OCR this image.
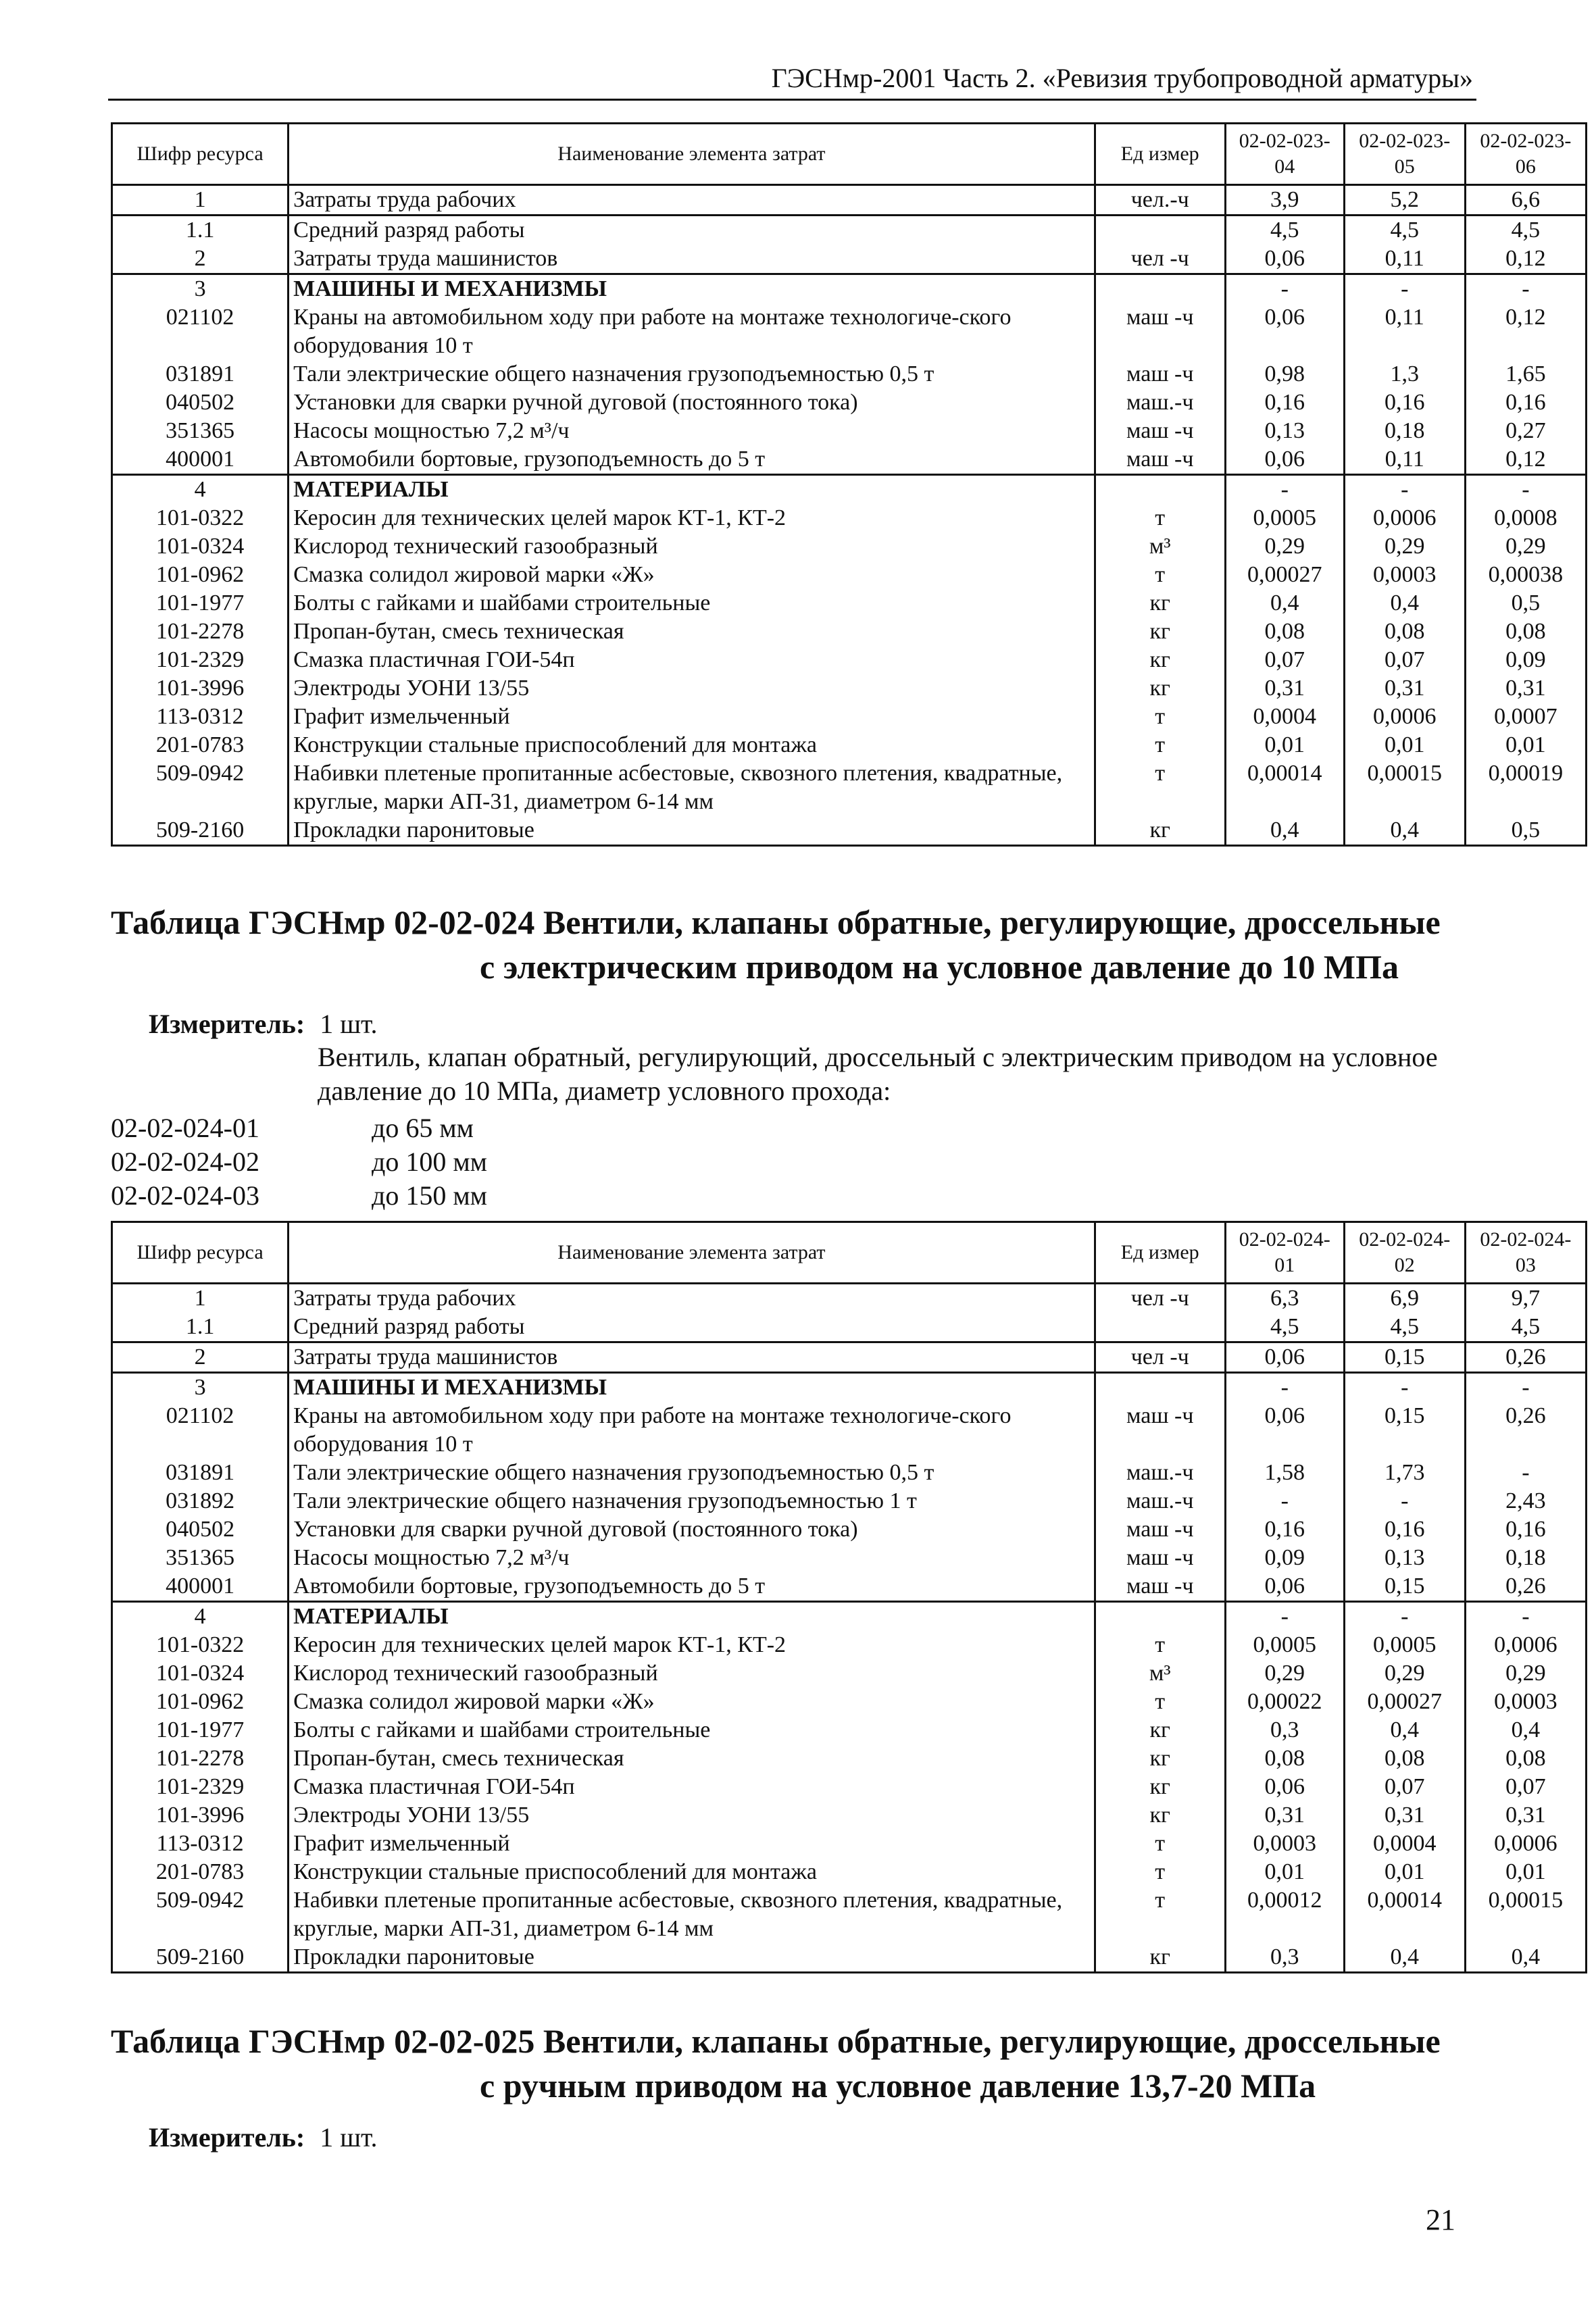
ГЭСНмр-2001 Часть 2. «Ревизия трубопроводной арматуры»
Шифр ресурса	Наименование элемента затрат	Ед измер	02-02-023-04	02-02-023-05	02-02-023-06
1	Затраты труда рабочих	чел.-ч	3,9	5,2	6,6
1.1	Средний разряд работы		4,5	4,5	4,5
2	Затраты труда машинистов	чел -ч	0,06	0,11	0,12
3	МАШИНЫ И МЕХАНИЗМЫ		-	-	-
021102	Краны на автомобильном ходу при работе на монтаже технологиче-ского оборудования 10 т	маш -ч	0,06	0,11	0,12
031891	Тали электрические общего назначения грузоподъемностью 0,5 т	маш -ч	0,98	1,3	1,65
040502	Установки для сварки ручной дуговой (постоянного тока)	маш.-ч	0,16	0,16	0,16
351365	Насосы мощностью 7,2 м³/ч	маш -ч	0,13	0,18	0,27
400001	Автомобили бортовые, грузоподъемность до 5 т	маш -ч	0,06	0,11	0,12
4	МАТЕРИАЛЫ		-	-	-
101-0322	Керосин для технических целей марок КТ-1, КТ-2	т	0,0005	0,0006	0,0008
101-0324	Кислород технический газообразный	м³	0,29	0,29	0,29
101-0962	Смазка солидол жировой марки «Ж»	т	0,00027	0,0003	0,00038
101-1977	Болты с гайками и шайбами строительные	кг	0,4	0,4	0,5
101-2278	Пропан-бутан, смесь техническая	кг	0,08	0,08	0,08
101-2329	Смазка пластичная ГОИ-54п	кг	0,07	0,07	0,09
101-3996	Электроды УОНИ 13/55	кг	0,31	0,31	0,31
113-0312	Графит измельченный	т	0,0004	0,0006	0,0007
201-0783	Конструкции стальные приспособлений для монтажа	т	0,01	0,01	0,01
509-0942	Набивки плетеные пропитанные асбестовые, сквозного плетения, квадратные, круглые, марки АП-31, диаметром 6-14 мм	т	0,00014	0,00015	0,00019
509-2160	Прокладки паронитовые	кг	0,4	0,4	0,5
Таблица ГЭСНмр 02-02-024 Вентили, клапаны обратные, регулирующие, дроссельные
с электрическим приводом на условное давление до 10 МПа
Измеритель: 1 шт.

Вентиль, клапан обратный, регулирующий, дроссельный с электрическим приводом на условное давление до 10 МПа, диаметр условного прохода:

02-02-024-01	до 65 мм
02-02-024-02	до 100 мм
02-02-024-03	до 150 мм
Шифр ресурса	Наименование элемента затрат	Ед измер	02-02-024-01	02-02-024-02	02-02-024-03
1	Затраты труда рабочих	чел -ч	6,3	6,9	9,7
1.1	Средний разряд работы		4,5	4,5	4,5
2	Затраты труда машинистов	чел -ч	0,06	0,15	0,26
3	МАШИНЫ И МЕХАНИЗМЫ		-	-	-
021102	Краны на автомобильном ходу при работе на монтаже технологиче-ского оборудования 10 т	маш -ч	0,06	0,15	0,26
031891	Тали электрические общего назначения грузоподъемностью 0,5 т	маш.-ч	1,58	1,73	-
031892	Тали электрические общего назначения грузоподъемностью 1 т	маш.-ч	-	-	2,43
040502	Установки для сварки ручной дуговой (постоянного тока)	маш -ч	0,16	0,16	0,16
351365	Насосы мощностью 7,2 м³/ч	маш -ч	0,09	0,13	0,18
400001	Автомобили бортовые, грузоподъемность до 5 т	маш -ч	0,06	0,15	0,26
4	МАТЕРИАЛЫ		-	-	-
101-0322	Керосин для технических целей марок КТ-1, КТ-2	т	0,0005	0,0005	0,0006
101-0324	Кислород технический газообразный	м³	0,29	0,29	0,29
101-0962	Смазка солидол жировой марки «Ж»	т	0,00022	0,00027	0,0003
101-1977	Болты с гайками и шайбами строительные	кг	0,3	0,4	0,4
101-2278	Пропан-бутан, смесь техническая	кг	0,08	0,08	0,08
101-2329	Смазка пластичная ГОИ-54п	кг	0,06	0,07	0,07
101-3996	Электроды УОНИ 13/55	кг	0,31	0,31	0,31
113-0312	Графит измельченный	т	0,0003	0,0004	0,0006
201-0783	Конструкции стальные приспособлений для монтажа	т	0,01	0,01	0,01
509-0942	Набивки плетеные пропитанные асбестовые, сквозного плетения, квадратные, круглые, марки АП-31, диаметром 6-14 мм	т	0,00012	0,00014	0,00015
509-2160	Прокладки паронитовые	кг	0,3	0,4	0,4
Таблица ГЭСНмр 02-02-025 Вентили, клапаны обратные, регулирующие, дроссельные
с ручным приводом на условное давление 13,7-20 МПа
Измеритель: 1 шт.
21
